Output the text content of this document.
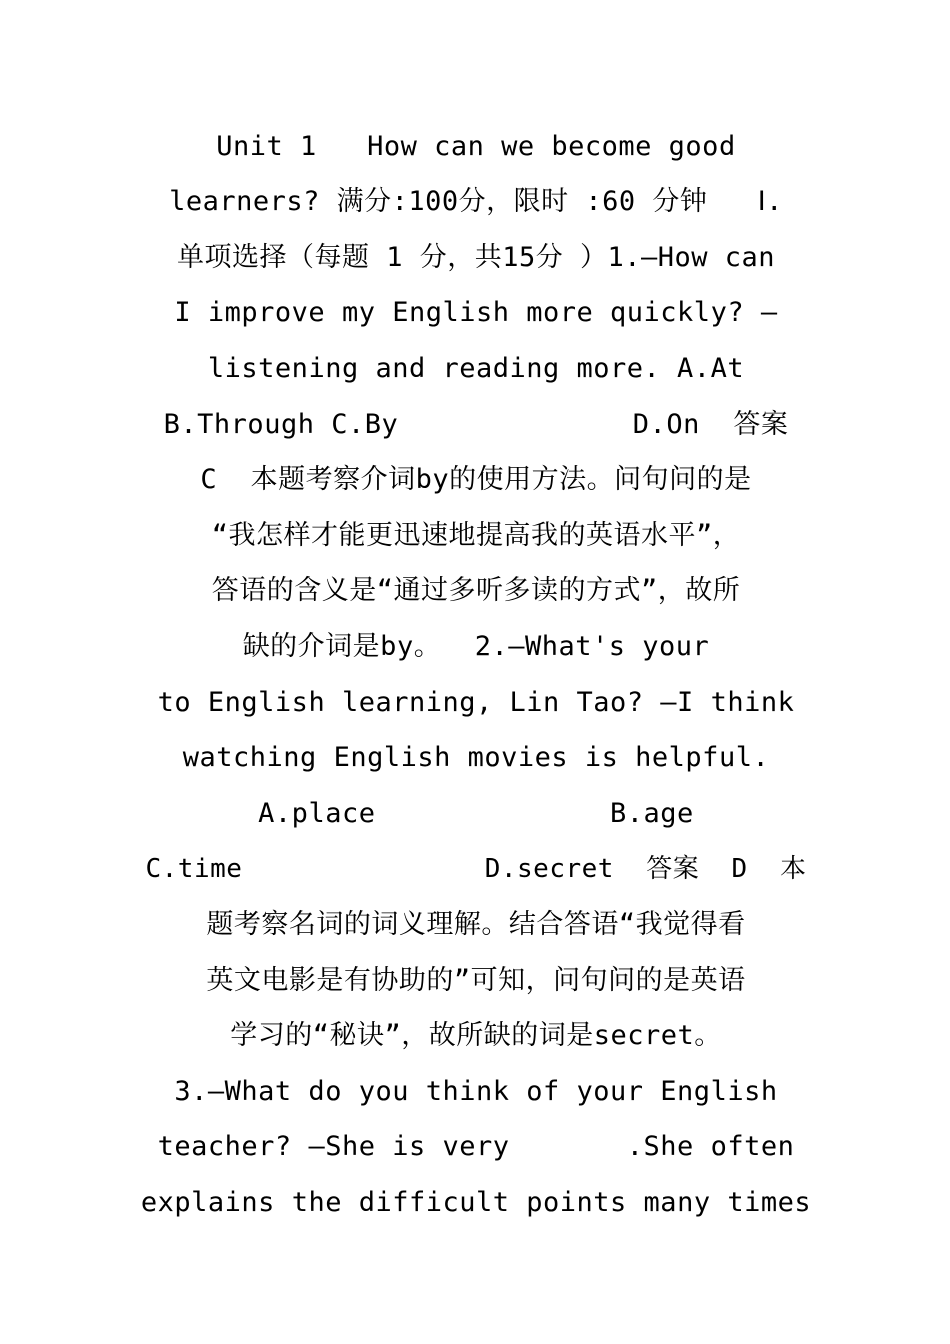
Unit 1   How can we become good
learners? 满分:100分，限时 :60 分钟   Ⅰ.
单项选择（每题 1 分，共15分 ）1.—How can
I improve my English more quickly? —
listening and reading more. A.At
B.Through C.By              D.On  答案
C  本题考察介词by的使用方法。问句问的是
“我怎样才能更迅速地提高我的英语水平”，
答语的含义是“通过多听多读的方式”，故所
缺的介词是by。  2.—What's your
to English learning, Lin Tao? —I think
watching English movies is helpful.
A.place              B.age
C.time               D.secret  答案  D  本
题考察名词的词义理解。结合答语“我觉得看
英文电影是有协助的”可知，问句问的是英语
学习的“秘诀”，故所缺的词是secret。
3.—What do you think of your English
teacher? —She is very       .She often
explains the difficult points many times
